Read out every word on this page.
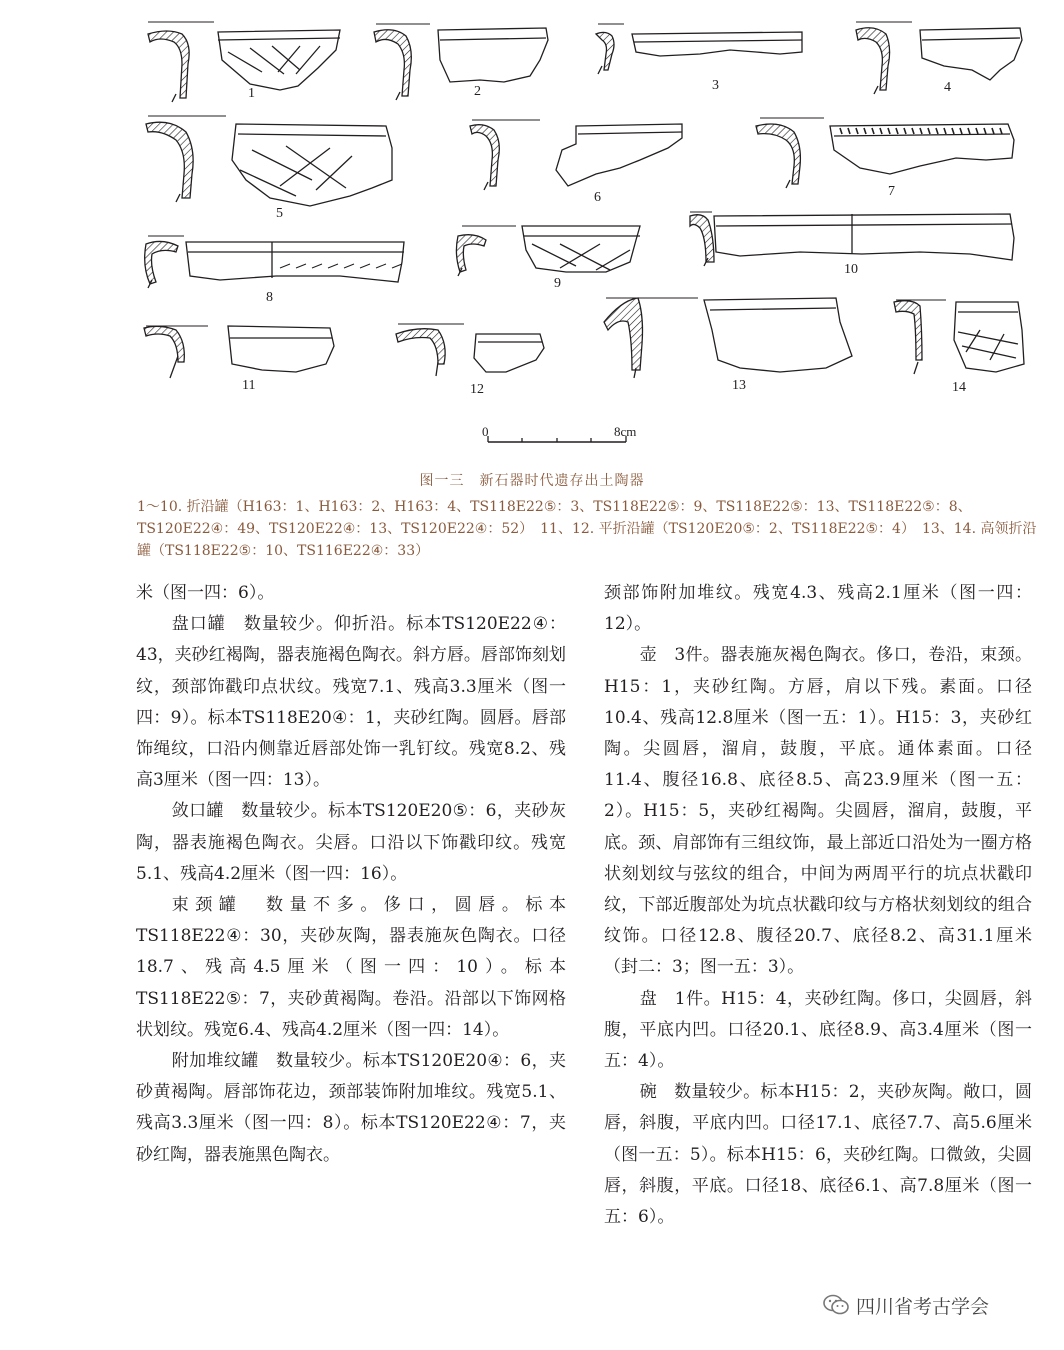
1	2	3	4
5
6	7
8
9
10
11	12	13	14
0	8cm
图一三　新石器时代遗存出土陶器
1～10. 折沿罐（H163：1、H163：2、H163：4、TS118E22⑤：3、TS118E22⑤：9、TS118E22⑤：13、TS118E22⑤：8、TS120E22④：49、TS120E22④：13、TS120E22④：52）　11、12. 平折沿罐（TS120E20⑤：2、TS118E22⑤：4）　13、14. 高领折沿罐（TS118E22⑤：10、TS116E22④：33）

米（图一四：6）。

盘口罐　数量较少。仰折沿。标本TS120E22④：43，夹砂红褐陶，器表施褐色陶衣。斜方唇。唇部饰刻划纹，颈部饰戳印点状纹。残宽7.1、残高3.3厘米（图一四：9）。标本TS118E20④：1，夹砂红陶。圆唇。唇部饰绳纹，口沿内侧靠近唇部处饰一乳钉纹。残宽8.2、残高3厘米（图一四：13）。

敛口罐　数量较少。标本TS120E20⑤：6，夹砂灰陶，器表施褐色陶衣。尖唇。口沿以下饰戳印纹。残宽5.1、残高4.2厘米（图一四：16）。

束颈罐　数量不多。侈口，圆唇。标本TS118E22④：30，夹砂灰陶，器表施灰色陶衣。口径18.7、残高4.5厘米（图一四：10）。标本TS118E22⑤：7，夹砂黄褐陶。卷沿。沿部以下饰网格状划纹。残宽6.4、残高4.2厘米（图一四：14）。

附加堆纹罐　数量较少。标本TS120E20④：6，夹砂黄褐陶。唇部饰花边，颈部装饰附加堆纹。残宽5.1、残高3.3厘米（图一四：8）。标本TS120E22④：7，夹砂红陶，器表施黑色陶衣。

颈部饰附加堆纹。残宽4.3、残高2.1厘米（图一四：12）。

壶　3件。器表施灰褐色陶衣。侈口，卷沿，束颈。H15：1，夹砂红陶。方唇，肩以下残。素面。口径10.4、残高12.8厘米（图一五：1）。H15：3，夹砂红陶。尖圆唇，溜肩，鼓腹，平底。通体素面。口径11.4、腹径16.8、底径8.5、高23.9厘米（图一五：2）。H15：5，夹砂红褐陶。尖圆唇，溜肩，鼓腹，平底。颈、肩部饰有三组纹饰，最上部近口沿处为一圈方格状刻划纹与弦纹的组合，中间为两周平行的坑点状戳印纹，下部近腹部处为坑点状戳印纹与方格状刻划纹的组合纹饰。口径12.8、腹径20.7、底径8.2、高31.1厘米（封二：3；图一五：3）。

盘　1件。H15：4，夹砂红陶。侈口，尖圆唇，斜腹，平底内凹。口径20.1、底径8.9、高3.4厘米（图一五：4）。

碗　数量较少。标本H15：2，夹砂灰陶。敞口，圆唇，斜腹，平底内凹。口径17.1、底径7.7、高5.6厘米（图一五：5）。标本H15：6，夹砂红陶。口微敛，尖圆唇，斜腹，平底。口径18、底径6.1、高7.8厘米（图一五：6）。

四川省考古学会
